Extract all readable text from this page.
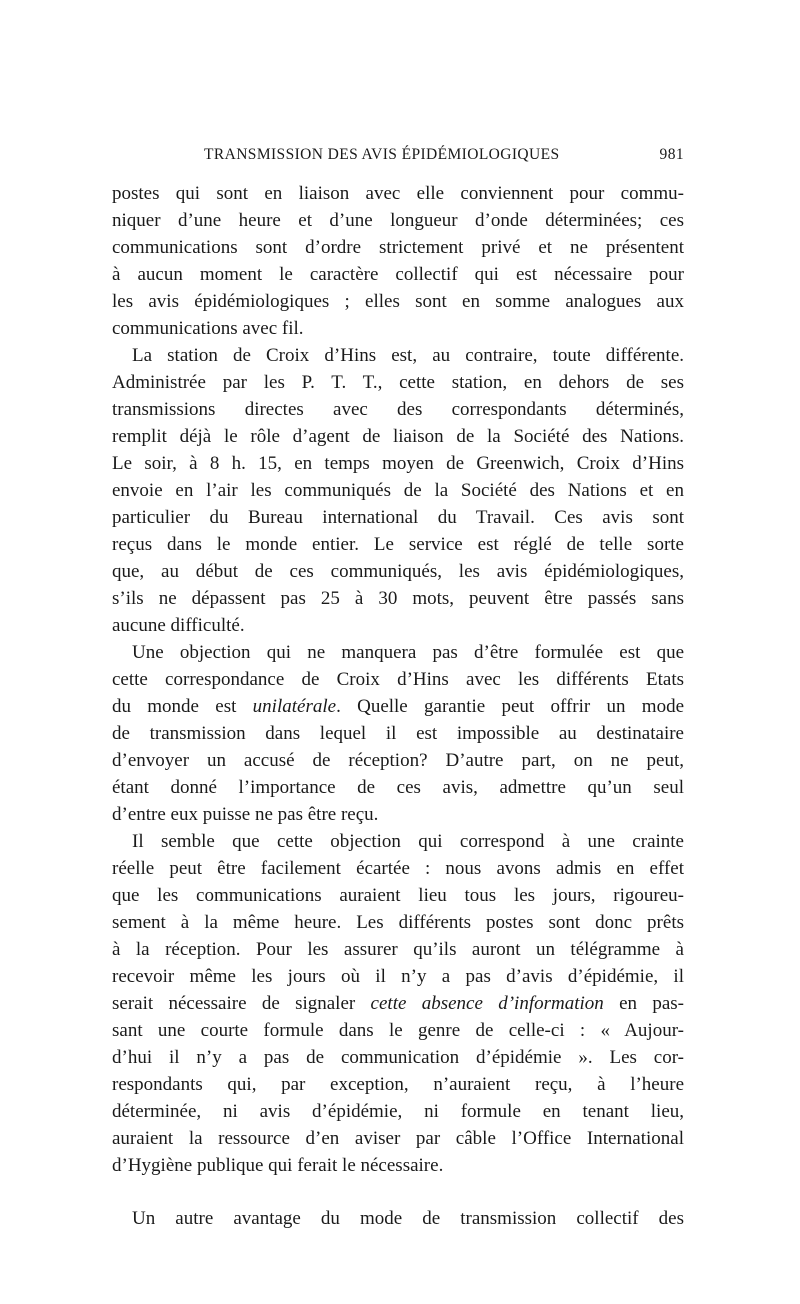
TRANSMISSION DES AVIS ÉPIDÉMIOLOGIQUES	981
postes qui sont en liaison avec elle conviennent pour commu-
niquer d’une heure et d’une longueur d’onde déterminées; ces
communications sont d’ordre strictement privé et ne présentent
à aucun moment le caractère collectif qui est nécessaire pour
les avis épidémiologiques ; elles sont en somme analogues aux
communications avec fil.
La station de Croix d’Hins est, au contraire, toute différente.
Administrée par les P. T. T., cette station, en dehors de ses
transmissions directes avec des correspondants déterminés,
remplit déjà le rôle d’agent de liaison de la Société des Nations.
Le soir, à 8 h. 15, en temps moyen de Greenwich, Croix d’Hins
envoie en l’air les communiqués de la Société des Nations et en
particulier du Bureau international du Travail. Ces avis sont
reçus dans le monde entier. Le service est réglé de telle sorte
que, au début de ces communiqués, les avis épidémiologiques,
s’ils ne dépassent pas 25 à 30 mots, peuvent être passés sans
aucune difficulté.
Une objection qui ne manquera pas d’être formulée est que
cette correspondance de Croix d’Hins avec les différents Etats
du monde est unilatérale. Quelle garantie peut offrir un mode
de transmission dans lequel il est impossible au destinataire
d’envoyer un accusé de réception? D’autre part, on ne peut,
étant donné l’importance de ces avis, admettre qu’un seul
d’entre eux puisse ne pas être reçu.
Il semble que cette objection qui correspond à une crainte
réelle peut être facilement écartée : nous avons admis en effet
que les communications auraient lieu tous les jours, rigoureu-
sement à la même heure. Les différents postes sont donc prêts
à la réception. Pour les assurer qu’ils auront un télégramme à
recevoir même les jours où il n’y a pas d’avis d’épidémie, il
serait nécessaire de signaler cette absence d’information en pas-
sant une courte formule dans le genre de celle-ci : « Aujour-
d’hui il n’y a pas de communication d’épidémie ». Les cor-
respondants qui, par exception, n’auraient reçu, à l’heure
déterminée, ni avis d’épidémie, ni formule en tenant lieu,
auraient la ressource d’en aviser par câble l’Office International
d’Hygiène publique qui ferait le nécessaire.
Un autre avantage du mode de transmission collectif des
